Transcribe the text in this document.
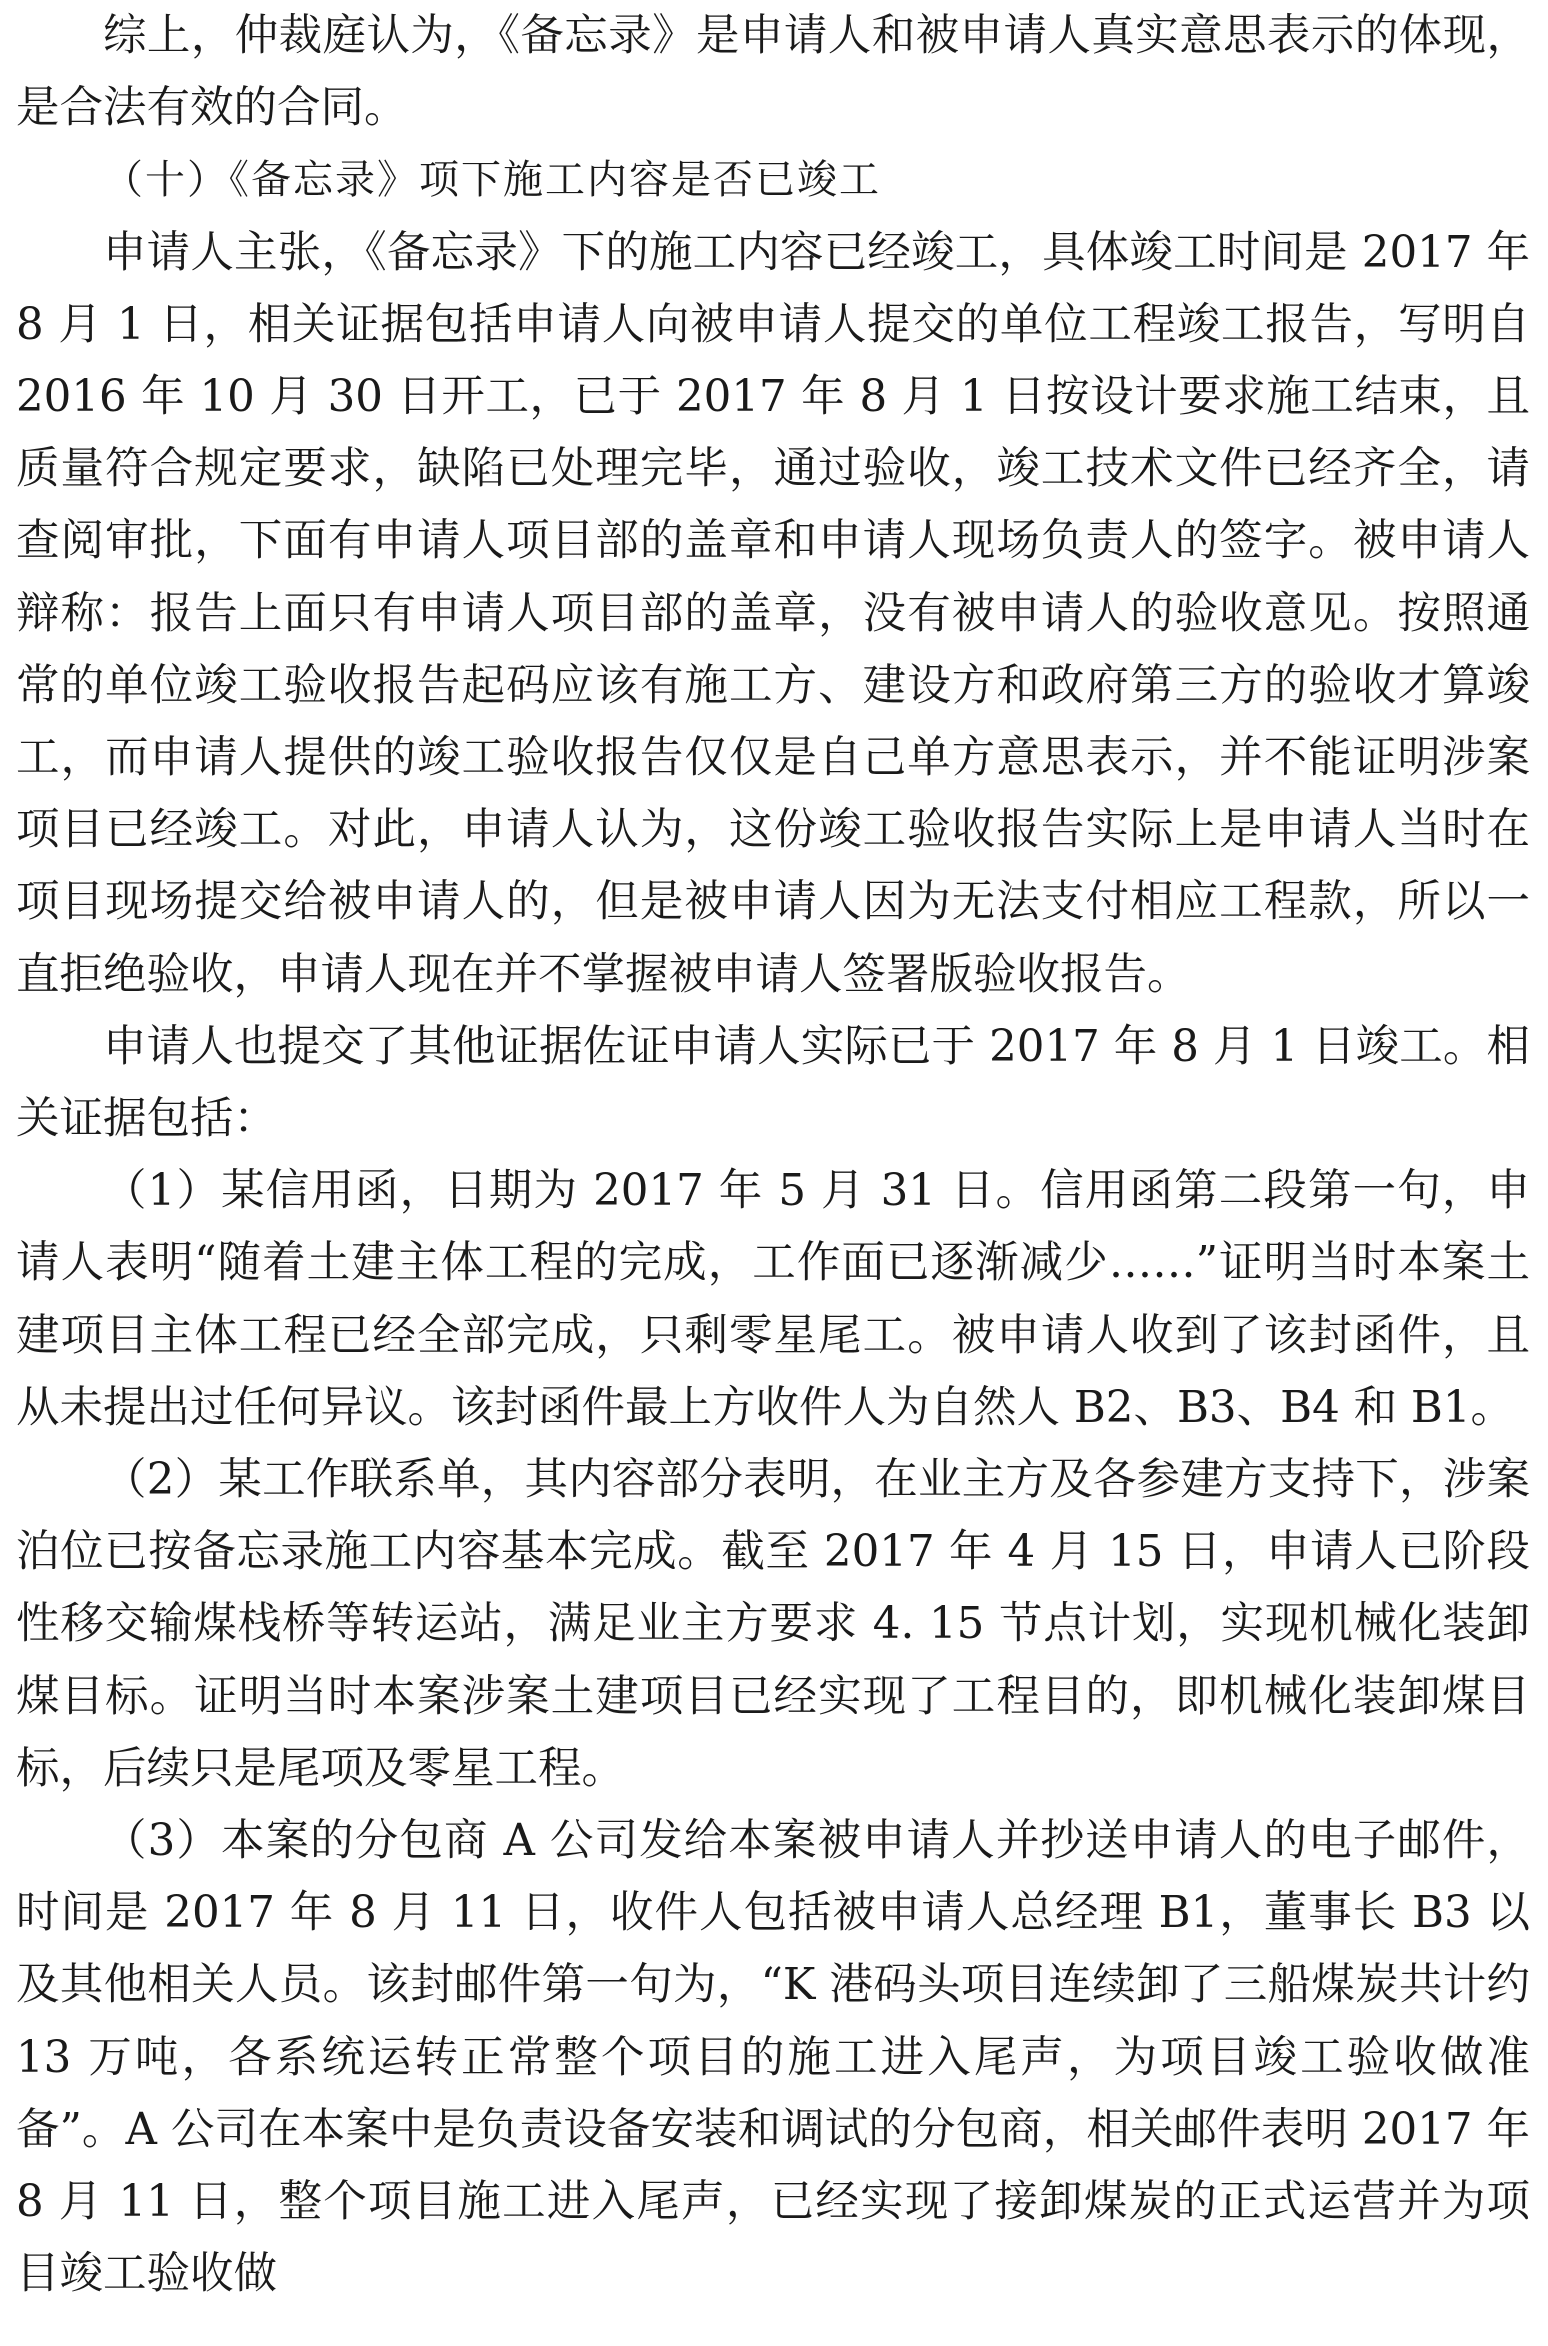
综上，仲裁庭认为，《备忘录》是申请人和被申请人真实意思表示的体现，是合法有效的合同。

（十）《备忘录》项下施工内容是否已竣工

申请人主张，《备忘录》下的施工内容已经竣工，具体竣工时间是 2017 年 8 月 1 日，相关证据包括申请人向被申请人提交的单位工程竣工报告，写明自 2016 年 10 月 30 日开工，已于 2017 年 8 月 1 日按设计要求施工结束，且质量符合规定要求，缺陷已处理完毕，通过验收，竣工技术文件已经齐全，请查阅审批，下面有申请人项目部的盖章和申请人现场负责人的签字。被申请人辩称：报告上面只有申请人项目部的盖章，没有被申请人的验收意见。按照通常的单位竣工验收报告起码应该有施工方、建设方和政府第三方的验收才算竣工，而申请人提供的竣工验收报告仅仅是自己单方意思表示，并不能证明涉案项目已经竣工。对此，申请人认为，这份竣工验收报告实际上是申请人当时在项目现场提交给被申请人的，但是被申请人因为无法支付相应工程款，所以一直拒绝验收，申请人现在并不掌握被申请人签署版验收报告。

申请人也提交了其他证据佐证申请人实际已于 2017 年 8 月 1 日竣工。相关证据包括：

（1）某信用函，日期为 2017 年 5 月 31 日。信用函第二段第一句，申请人表明“随着土建主体工程的完成，工作面已逐渐减少……”证明当时本案土建项目主体工程已经全部完成，只剩零星尾工。被申请人收到了该封函件，且从未提出过任何异议。该封函件最上方收件人为自然人 B2、B3、B4 和 B1。

（2）某工作联系单，其内容部分表明，在业主方及各参建方支持下，涉案泊位已按备忘录施工内容基本完成。截至 2017 年 4 月 15 日，申请人已阶段性移交输煤栈桥等转运站，满足业主方要求 4. 15 节点计划，实现机械化装卸煤目标。证明当时本案涉案土建项目已经实现了工程目的，即机械化装卸煤目标，后续只是尾项及零星工程。

（3）本案的分包商 A 公司发给本案被申请人并抄送申请人的电子邮件，时间是 2017 年 8 月 11 日，收件人包括被申请人总经理 B1，董事长 B3 以及其他相关人员。该封邮件第一句为，“K 港码头项目连续卸了三船煤炭共计约 13 万吨，各系统运转正常整个项目的施工进入尾声，为项目竣工验收做准备”。A 公司在本案中是负责设备安装和调试的分包商，相关邮件表明 2017 年 8 月 11 日，整个项目施工进入尾声，已经实现了接卸煤炭的正式运营并为项目竣工验收做
